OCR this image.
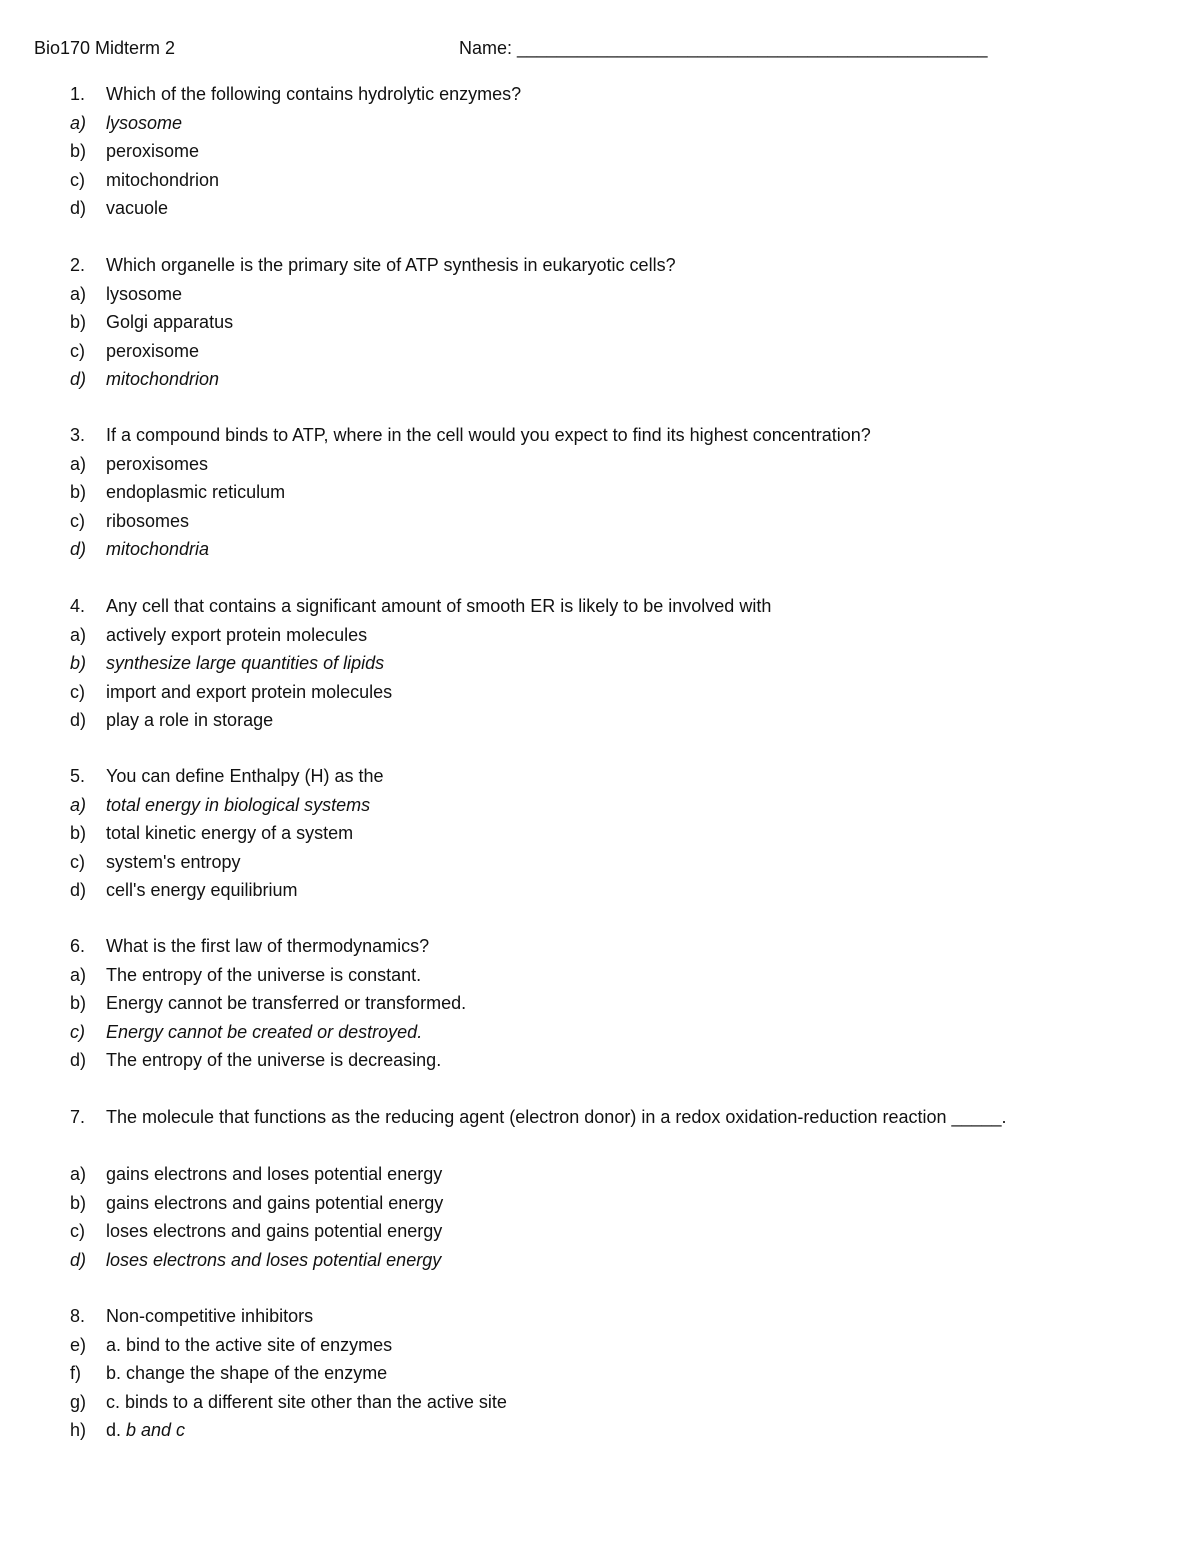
Bio170 Midterm 2	Name: _______________________________________________
1. Which of the following contains hydrolytic enzymes?
a) lysosome
b) peroxisome
c) mitochondrion
d) vacuole
2. Which organelle is the primary site of ATP synthesis in eukaryotic cells?
a) lysosome
b) Golgi apparatus
c) peroxisome
d) mitochondrion
3. If a compound binds to ATP, where in the cell would you expect to find its highest concentration?
a) peroxisomes
b) endoplasmic reticulum
c) ribosomes
d) mitochondria
4. Any cell that contains a significant amount of smooth ER is likely to be involved with
a) actively export protein molecules
b) synthesize large quantities of lipids
c) import and export protein molecules
d) play a role in storage
5. You can define Enthalpy (H) as the
a) total energy in biological systems
b) total kinetic energy of a system
c) system's entropy
d) cell's energy equilibrium
6. What is the first law of thermodynamics?
a) The entropy of the universe is constant.
b) Energy cannot be transferred or transformed.
c) Energy cannot be created or destroyed.
d) The entropy of the universe is decreasing.
7. The molecule that functions as the reducing agent (electron donor) in a redox oxidation-reduction reaction _____.
a) gains electrons and loses potential energy
b) gains electrons and gains potential energy
c) loses electrons and gains potential energy
d) loses electrons and loses potential energy
8. Non-competitive inhibitors
e) a. bind to the active site of enzymes
f) b. change the shape of the enzyme
g) c. binds to a different site other than the active site
h) d. b and c
